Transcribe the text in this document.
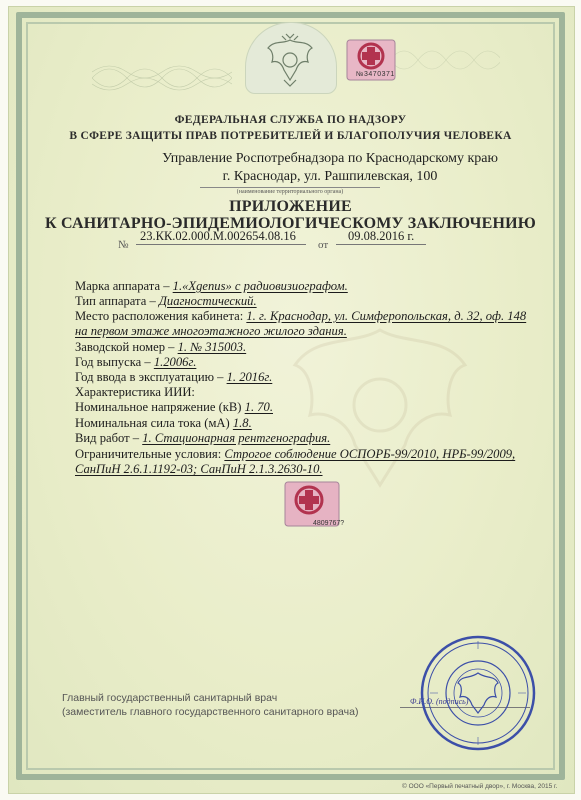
№3470371
ФЕДЕРАЛЬНАЯ СЛУЖБА ПО НАДЗОРУ
В СФЕРЕ ЗАЩИТЫ ПРАВ ПОТРЕБИТЕЛЕЙ И БЛАГОПОЛУЧИЯ ЧЕЛОВЕКА
Управление Роспотребнадзора по Краснодарскому краю
г. Краснодар, ул. Рашпилевская, 100
(наименование территориального органа)
ПРИЛОЖЕНИЕ
К САНИТАРНО-ЭПИДЕМИОЛОГИЧЕСКОМУ ЗАКЛЮЧЕНИЮ
№
23.КК.02.000.М.002654.08.16
от
09.08.2016 г.
Марка аппарата – 1.«Xgenus» с радиовизиографом.
Тип аппарата – Диагностический.
Место расположения кабинета: 1. г. Краснодар, ул. Симферопольская, д. 32, оф. 148 на первом этаже многоэтажного жилого здания.
Заводской номер – 1. № 315003.
Год выпуска – 1.2006г.
Год ввода в эксплуатацию – 1. 2016г.
Характеристика ИИИ:
Номинальное напряжение (кВ) 1. 70.
Номинальная сила тока (мА) 1.8.
Вид работ – 1. Стационарная рентгенография.
Ограничительные условия: Строгое соблюдение ОСПОРБ-99/2010, НРБ-99/2009, СанПиН 2.6.1.1192-03; СанПиН 2.1.3.2630-10.
4809767?
Главный государственный санитарный врач
(заместитель главного государственного санитарного врача)
Ф.И.О. (подпись)
© ООО «Первый печатный двор», г. Москва, 2015 г.
